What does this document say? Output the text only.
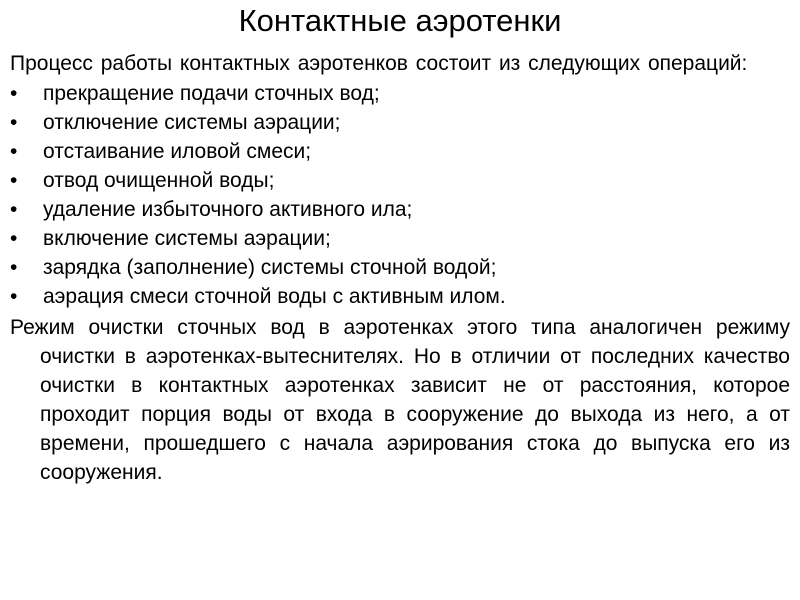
Контактные аэротенки

Процесс работы контактных аэротенков состоит из следующих операций:

• прекращение подачи сточных вод;
• отключение системы аэрации;
• отстаивание иловой смеси;
• отвод очищенной воды;
• удаление избыточного активного ила;
• включение системы аэрации;
• зарядка (заполнение) системы сточной водой;
• аэрация смеси сточной воды с активным илом.

Режим очистки сточных вод в аэротенках этого типа аналогичен режиму очистки в аэротенках-вытеснителях. Но в отличии от последних качество очистки в контактных аэротенках зависит не от расстояния, которое проходит порция воды от входа в сооружение до выхода из него, а от времени, прошедшего с начала аэрирования стока до выпуска его из сооружения.
